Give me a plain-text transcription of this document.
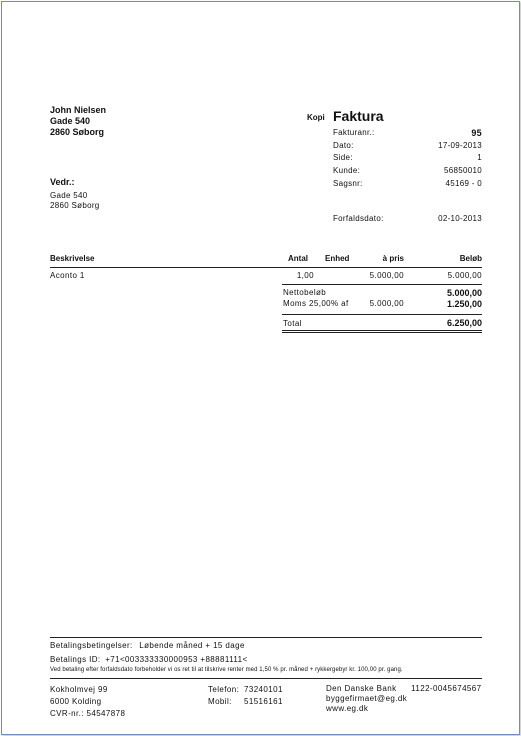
John Nielsen
Gade 540
2860 Søborg
Vedr.:
Gade 540
2860 Søborg
Kopi Faktura
Fakturanr.:	95
Dato:	17-09-2013
Side:	1
Kunde:	56850010
Sagsnr:	45169 - 0
Forfaldsdato:	02-10-2013
Beskrivelse	Antal Enhed	à pris	Beløb
Aconto 1	1,00	5.000,00	5.000,00
Nettobeløb	5.000,00
Moms 25,00% af	5.000,00	1.250,00
Total	6.250,00
Betalingsbetingelser: Løbende måned + 15 dage
Betalings ID: +71<003333330000953 +88881111<
Ved betaling efter forfaldsdato forbeholder vi os ret til at tilskrive renter med 1,50 % pr. måned + rykkergebyr kr. 100,00 pr. gang.
Kokholmvej 99
6000 Kolding
CVR-nr.: 54547878
Telefon: 73240101
Mobil: 51516161
Den Danske Bank 1122-0045674567
byggefirmaet@eg.dk
www.eg.dk
